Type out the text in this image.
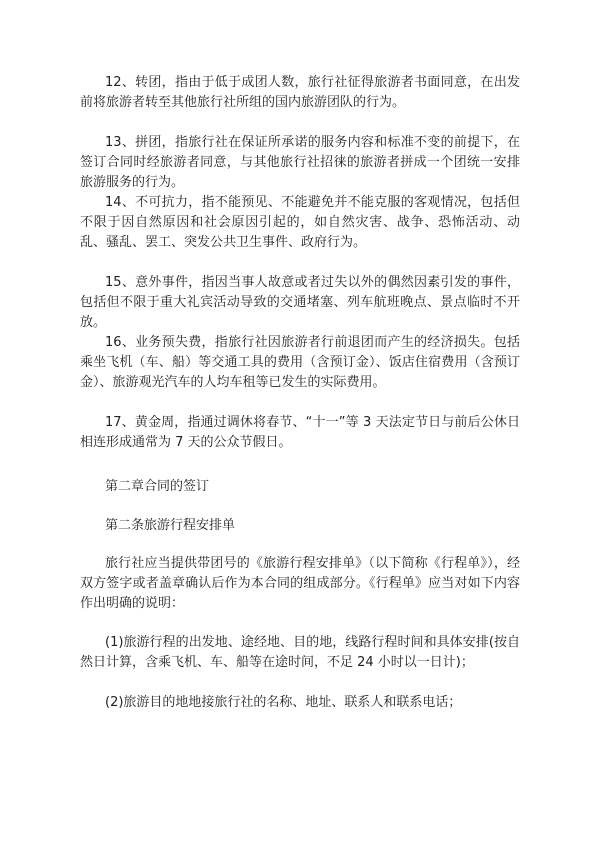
12、转团，指由于低于成团人数，旅行社征得旅游者书面同意，在出发前将旅游者转至其他旅行社所组的国内旅游团队的行为。

13、拼团，指旅行社在保证所承诺的服务内容和标准不变的前提下，在签订合同时经旅游者同意，与其他旅行社招徕的旅游者拼成一个团统一安排旅游服务的行为。

14、不可抗力，指不能预见、不能避免并不能克服的客观情况，包括但不限于因自然原因和社会原因引起的，如自然灾害、战争、恐怖活动、动乱、骚乱、罢工、突发公共卫生事件、政府行为。

15、意外事件，指因当事人故意或者过失以外的偶然因素引发的事件，包括但不限于重大礼宾活动导致的交通堵塞、列车航班晚点、景点临时不开放。

16、业务预失费，指旅行社因旅游者行前退团而产生的经济损失。包括乘坐飞机（车、船）等交通工具的费用（含预订金）、饭店住宿费用（含预订金）、旅游观光汽车的人均车租等已发生的实际费用。

17、黄金周，指通过调休将春节、“十一”等 3 天法定节日与前后公休日相连形成通常为 7 天的公众节假日。

第二章合同的签订

第二条旅游行程安排单

旅行社应当提供带团号的《旅游行程安排单》（以下简称《行程单》），经双方签字或者盖章确认后作为本合同的组成部分。《行程单》应当对如下内容作出明确的说明：

(1)旅游行程的出发地、途经地、目的地，线路行程时间和具体安排(按自然日计算，含乘飞机、车、船等在途时间，不足 24 小时以一日计)；

(2)旅游目的地地接旅行社的名称、地址、联系人和联系电话；
